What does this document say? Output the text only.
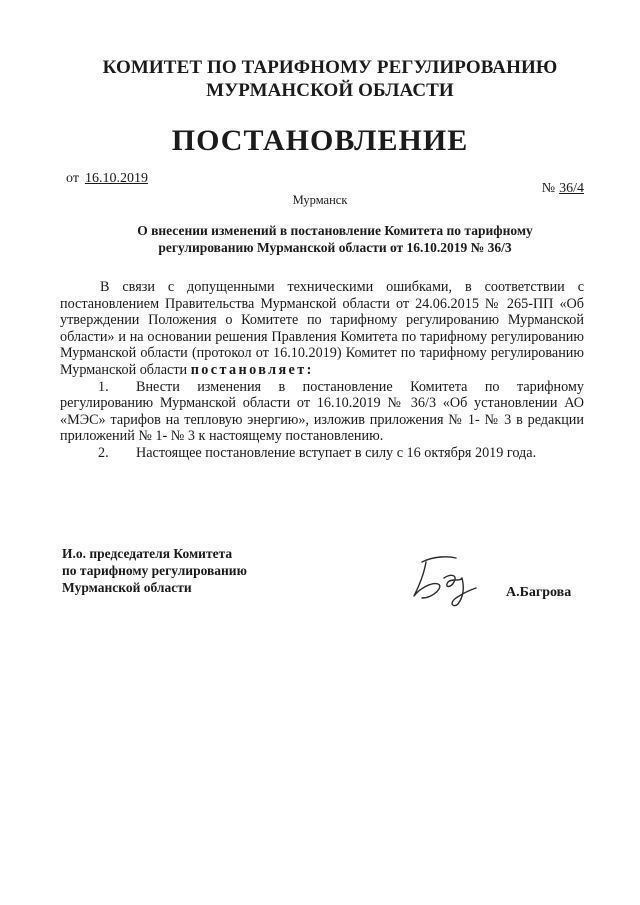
КОМИТЕТ ПО ТАРИФНОМУ РЕГУЛИРОВАНИЮ
МУРМАНСКОЙ ОБЛАСТИ
ПОСТАНОВЛЕНИЕ
от 16.10.2019
№ 36/4
Мурманск
О внесении изменений в постановление Комитета по тарифному
регулированию Мурманской области от 16.10.2019 № 36/3

В связи с допущенными техническими ошибками, в соответствии с постановлением Правительства Мурманской области от 24.06.2015 № 265-ПП «Об утверждении Положения о Комитете по тарифному регулированию Мурманской области» и на основании решения Правления Комитета по тарифному регулированию Мурманской области (протокол от 16.10.2019) Комитет по тарифному регулированию Мурманской области постановляет:

1. Внести изменения в постановление Комитета по тарифному регулированию Мурманской области от 16.10.2019 № 36/3 «Об установлении АО «МЭС» тарифов на тепловую энергию», изложив приложения № 1- № 3 в редакции приложений № 1- № 3 к настоящему постановлению.

2. Настоящее постановление вступает в силу с 16 октября 2019 года.

И.о. председателя Комитета
по тарифному регулированию
Мурманской области	А.Багрова
